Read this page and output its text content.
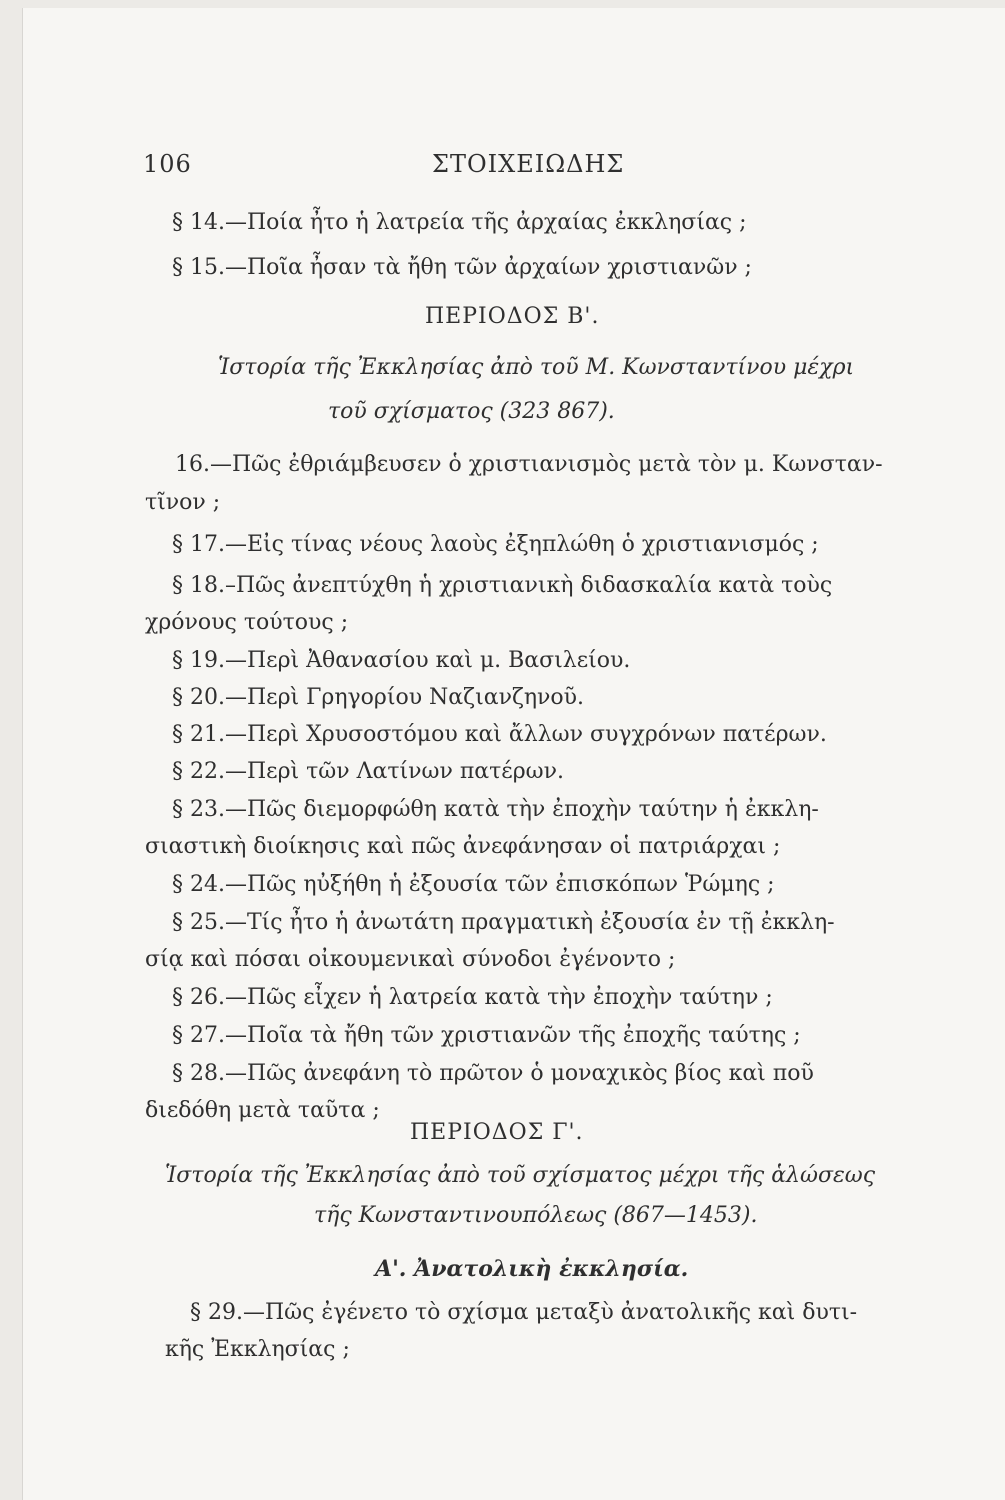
106	ΣΤΟΙΧΕΙΩΔΗΣ
§ 14.—Ποία ἦτο ἡ λατρεία τῆς ἀρχαίας ἐκκλησίας ;
§ 15.—Ποῖα ἦσαν τὰ ἤθη τῶν ἀρχαίων χριστιανῶν ;
ΠΕΡΙΟΔΟΣ Β'.
Ἱστορία τῆς Ἐκκλησίας ἀπὸ τοῦ Μ. Κωνσταντίνου μέχρι
τοῦ σχίσματος (323 867).
16.—Πῶς ἐθριάμβευσεν ὁ χριστιανισμὸς μετὰ τὸν μ. Κωνσταν-
τῖνον ;
§ 17.—Εἰς τίνας νέους λαοὺς ἐξηπλώθη ὁ χριστιανισμός ;
§ 18.–Πῶς ἀνεπτύχθη ἡ χριστιανικὴ διδασκαλία κατὰ τοὺς
χρόνους τούτους ;
§ 19.—Περὶ Ἀθανασίου καὶ μ. Βασιλείου.
§ 20.—Περὶ Γρηγορίου Ναζιανζηνοῦ.
§ 21.—Περὶ Χρυσοστόμου καὶ ἄλλων συγχρόνων πατέρων.
§ 22.—Περὶ τῶν Λατίνων πατέρων.
§ 23.—Πῶς διεμορφώθη κατὰ τὴν ἐποχὴν ταύτην ἡ ἐκκλη-
σιαστικὴ διοίκησις καὶ πῶς ἀνεφάνησαν οἱ πατριάρχαι ;
§ 24.—Πῶς ηὐξήθη ἡ ἐξουσία τῶν ἐπισκόπων Ῥώμης ;
§ 25.—Τίς ἦτο ἡ ἀνωτάτη πραγματικὴ ἐξουσία ἐν τῇ ἐκκλη-
σίᾳ καὶ πόσαι οἰκουμενικαὶ σύνοδοι ἐγένοντο ;
§ 26.—Πῶς εἶχεν ἡ λατρεία κατὰ τὴν ἐποχὴν ταύτην ;
§ 27.—Ποῖα τὰ ἤθη τῶν χριστιανῶν τῆς ἐποχῆς ταύτης ;
§ 28.—Πῶς ἀνεφάνη τὸ πρῶτον ὁ μοναχικὸς βίος καὶ ποῦ
διεδόθη μετὰ ταῦτα ;
ΠΕΡΙΟΔΟΣ Γ'.
Ἱστορία τῆς Ἐκκλησίας ἀπὸ τοῦ σχίσματος μέχρι τῆς ἁλώσεως
τῆς Κωνσταντινουπόλεως (867—1453).
Α'. Ἀνατολικὴ ἐκκλησία.
§ 29.—Πῶς ἐγένετο τὸ σχίσμα μεταξὺ ἀνατολικῆς καὶ δυτι-
κῆς Ἐκκλησίας ;
